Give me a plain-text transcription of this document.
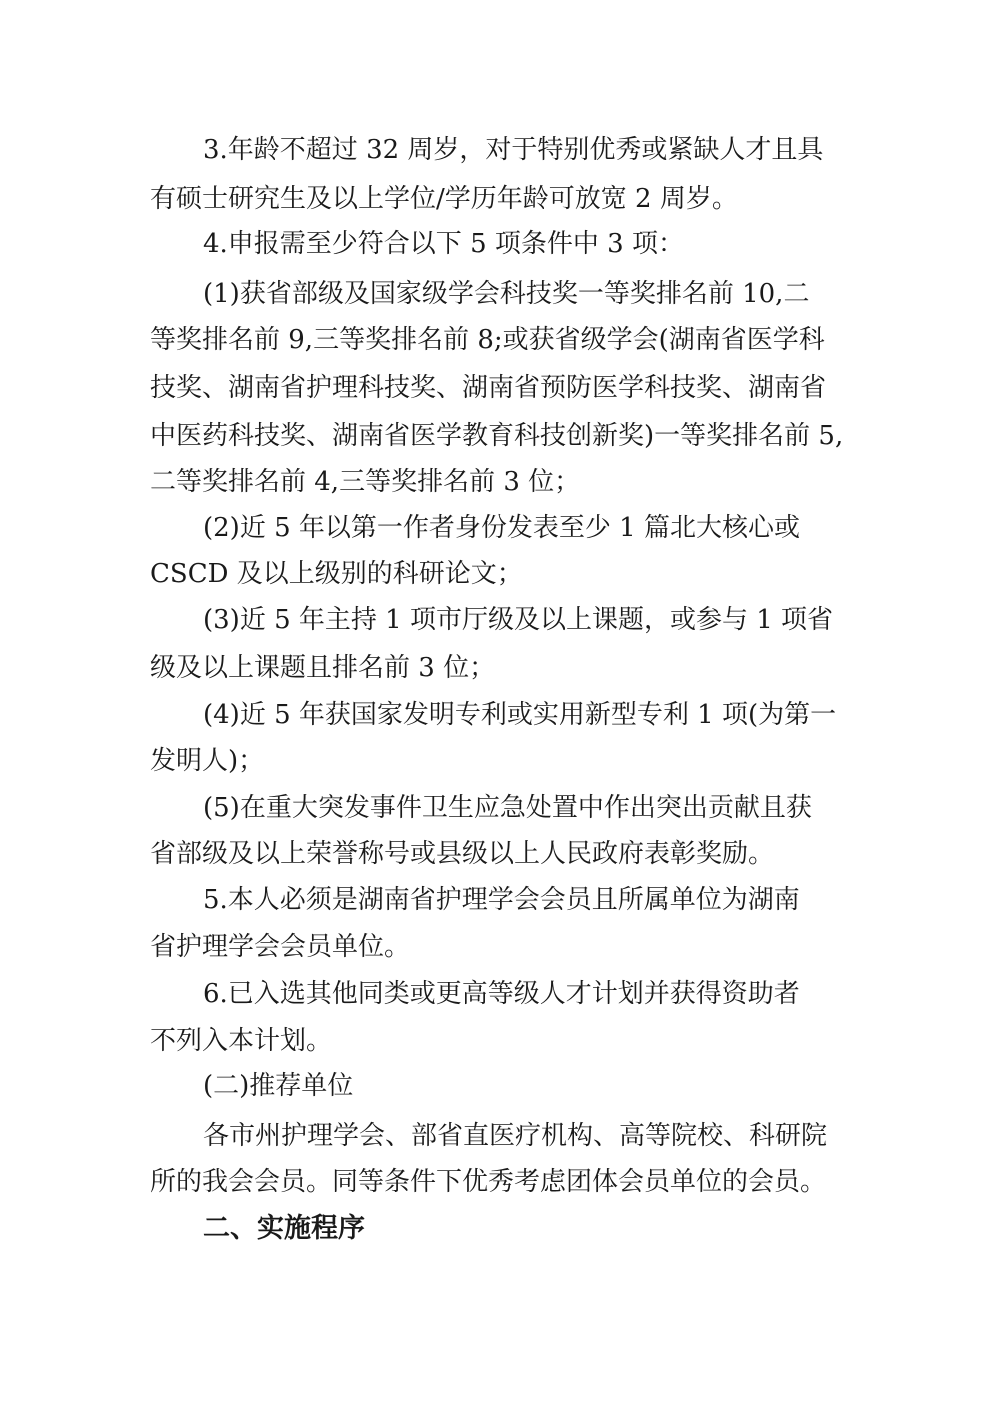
3.年龄不超过 32 周岁，对于特别优秀或紧缺人才且具
有硕士研究生及以上学位/学历年龄可放宽 2 周岁。
4.申报需至少符合以下 5 项条件中 3 项：
(1)获省部级及国家级学会科技奖一等奖排名前 10,二
等奖排名前 9,三等奖排名前 8;或获省级学会(湖南省医学科
技奖、湖南省护理科技奖、湖南省预防医学科技奖、湖南省
中医药科技奖、湖南省医学教育科技创新奖)一等奖排名前 5,
二等奖排名前 4,三等奖排名前 3 位；
(2)近 5 年以第一作者身份发表至少 1 篇北大核心或
CSCD 及以上级别的科研论文；
(3)近 5 年主持 1 项市厅级及以上课题，或参与 1 项省
级及以上课题且排名前 3 位；
(4)近 5 年获国家发明专利或实用新型专利 1 项(为第一
发明人)；
(5)在重大突发事件卫生应急处置中作出突出贡献且获
省部级及以上荣誉称号或县级以上人民政府表彰奖励。
5.本人必须是湖南省护理学会会员且所属单位为湖南
省护理学会会员单位。
6.已入选其他同类或更高等级人才计划并获得资助者
不列入本计划。
(二)推荐单位
各市州护理学会、部省直医疗机构、高等院校、科研院
所的我会会员。同等条件下优秀考虑团体会员单位的会员。
二、实施程序
